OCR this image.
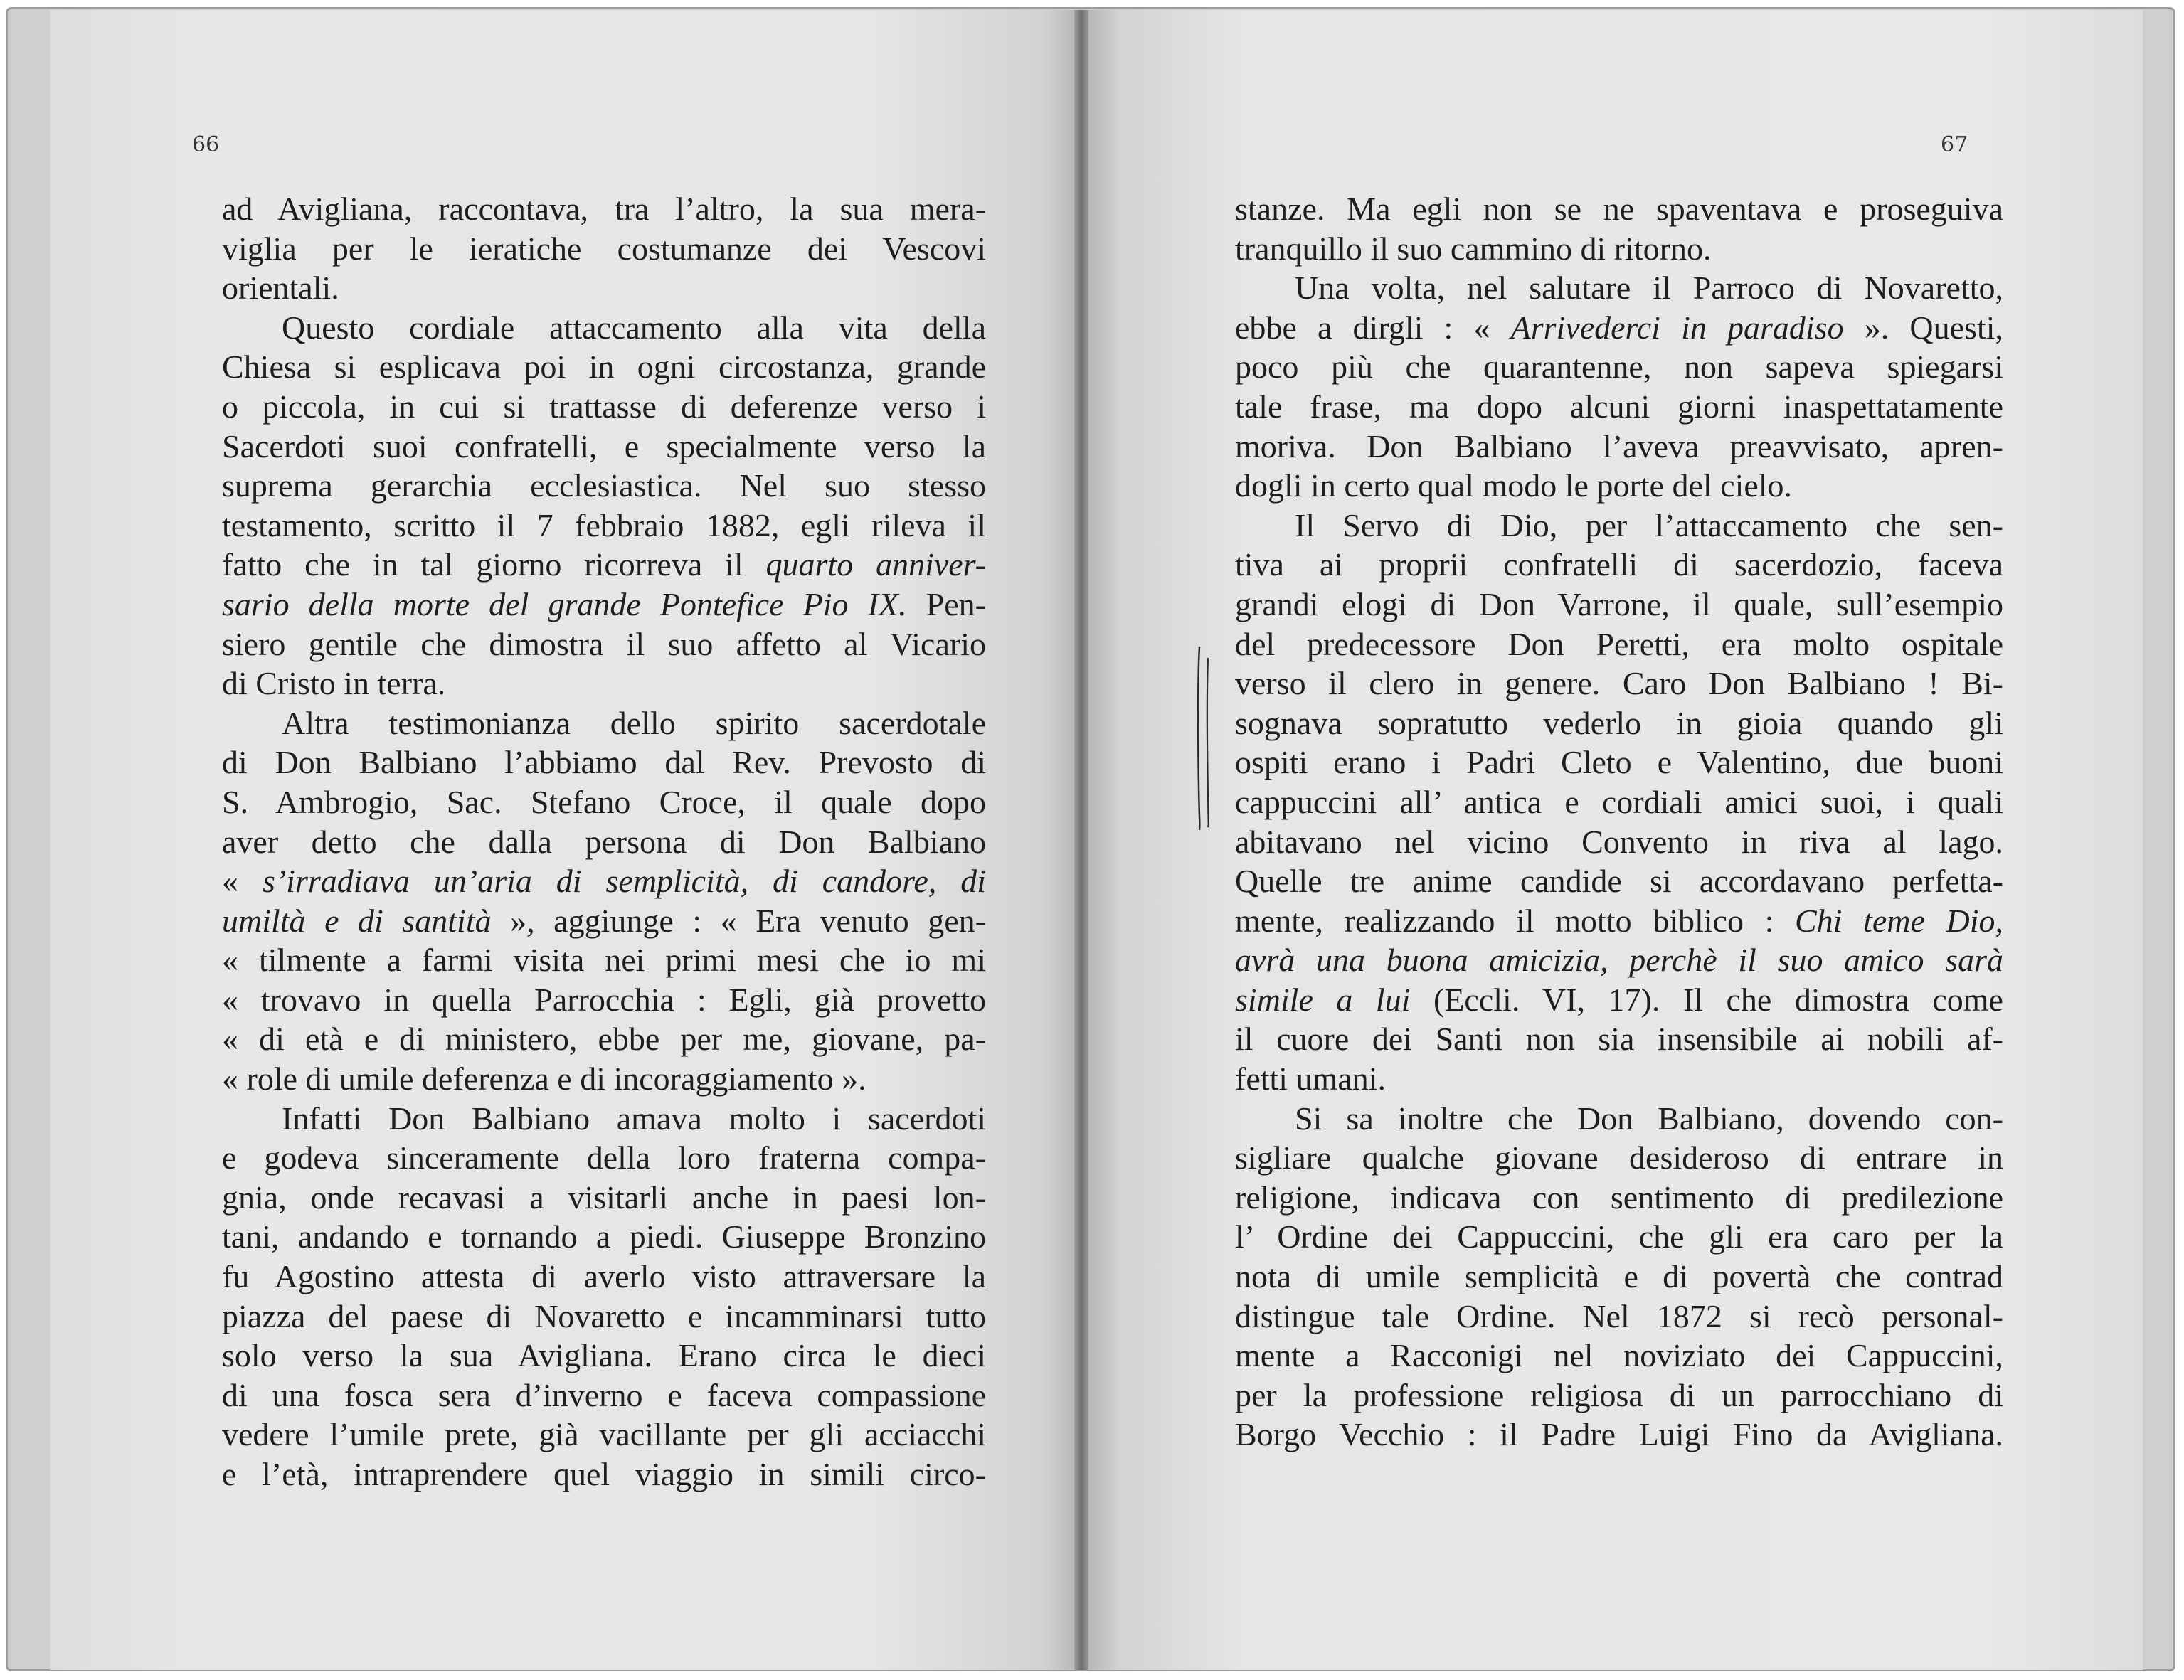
66	67
ad Avigliana, raccontava, tra l’altro, la sua mera-
viglia per le ieratiche costumanze dei Vescovi
orientali.
Questo cordiale attaccamento alla vita della
Chiesa si esplicava poi in ogni circostanza, grande
o piccola, in cui si trattasse di deferenze verso i
Sacerdoti suoi confratelli, e specialmente verso la
suprema gerarchia ecclesiastica. Nel suo stesso
testamento, scritto il 7 febbraio 1882, egli rileva il
fatto che in tal giorno ricorreva il quarto anniver-
sario della morte del grande Pontefice Pio IX. Pen-
siero gentile che dimostra il suo affetto al Vicario
di Cristo in terra.
Altra testimonianza dello spirito sacerdotale
di Don Balbiano l’abbiamo dal Rev. Prevosto di
S. Ambrogio, Sac. Stefano Croce, il quale dopo
aver detto che dalla persona di Don Balbiano
« s’irradiava un’aria di semplicità, di candore, di
umiltà e di santità », aggiunge : « Era venuto gen-
« tilmente a farmi visita nei primi mesi che io mi
« trovavo in quella Parrocchia : Egli, già provetto
« di età e di ministero, ebbe per me, giovane, pa-
« role di umile deferenza e di incoraggiamento ».
Infatti Don Balbiano amava molto i sacerdoti
e godeva sinceramente della loro fraterna compa-
gnia, onde recavasi a visitarli anche in paesi lon-
tani, andando e tornando a piedi. Giuseppe Bronzino
fu Agostino attesta di averlo visto attraversare la
piazza del paese di Novaretto e incamminarsi tutto
solo verso la sua Avigliana. Erano circa le dieci
di una fosca sera d’inverno e faceva compassione
vedere l’umile prete, già vacillante per gli acciacchi
e l’età, intraprendere quel viaggio in simili circo-
stanze. Ma egli non se ne spaventava e proseguiva
tranquillo il suo cammino di ritorno.
Una volta, nel salutare il Parroco di Novaretto,
ebbe a dirgli : « Arrivederci in paradiso ». Questi,
poco più che quarantenne, non sapeva spiegarsi
tale frase, ma dopo alcuni giorni inaspettatamente
moriva. Don Balbiano l’aveva preavvisato, apren-
dogli in certo qual modo le porte del cielo.
Il Servo di Dio, per l’attaccamento che sen-
tiva ai proprii confratelli di sacerdozio, faceva
grandi elogi di Don Varrone, il quale, sull’esempio
del predecessore Don Peretti, era molto ospitale
verso il clero in genere. Caro Don Balbiano ! Bi-
sognava sopratutto vederlo in gioia quando gli
ospiti erano i Padri Cleto e Valentino, due buoni
cappuccini all’ antica e cordiali amici suoi, i quali
abitavano nel vicino Convento in riva al lago.
Quelle tre anime candide si accordavano perfetta-
mente, realizzando il motto biblico : Chi teme Dio,
avrà una buona amicizia, perchè il suo amico sarà
simile a lui (Eccli. VI, 17). Il che dimostra come
il cuore dei Santi non sia insensibile ai nobili af-
fetti umani.
Si sa inoltre che Don Balbiano, dovendo con-
sigliare qualche giovane desideroso di entrare in
religione, indicava con sentimento di predilezione
l’ Ordine dei Cappuccini, che gli era caro per la
nota di umile semplicità e di povertà che contrad
distingue tale Ordine. Nel 1872 si recò personal-
mente a Racconigi nel noviziato dei Cappuccini,
per la professione religiosa di un parrocchiano di
Borgo Vecchio : il Padre Luigi Fino da Avigliana.
